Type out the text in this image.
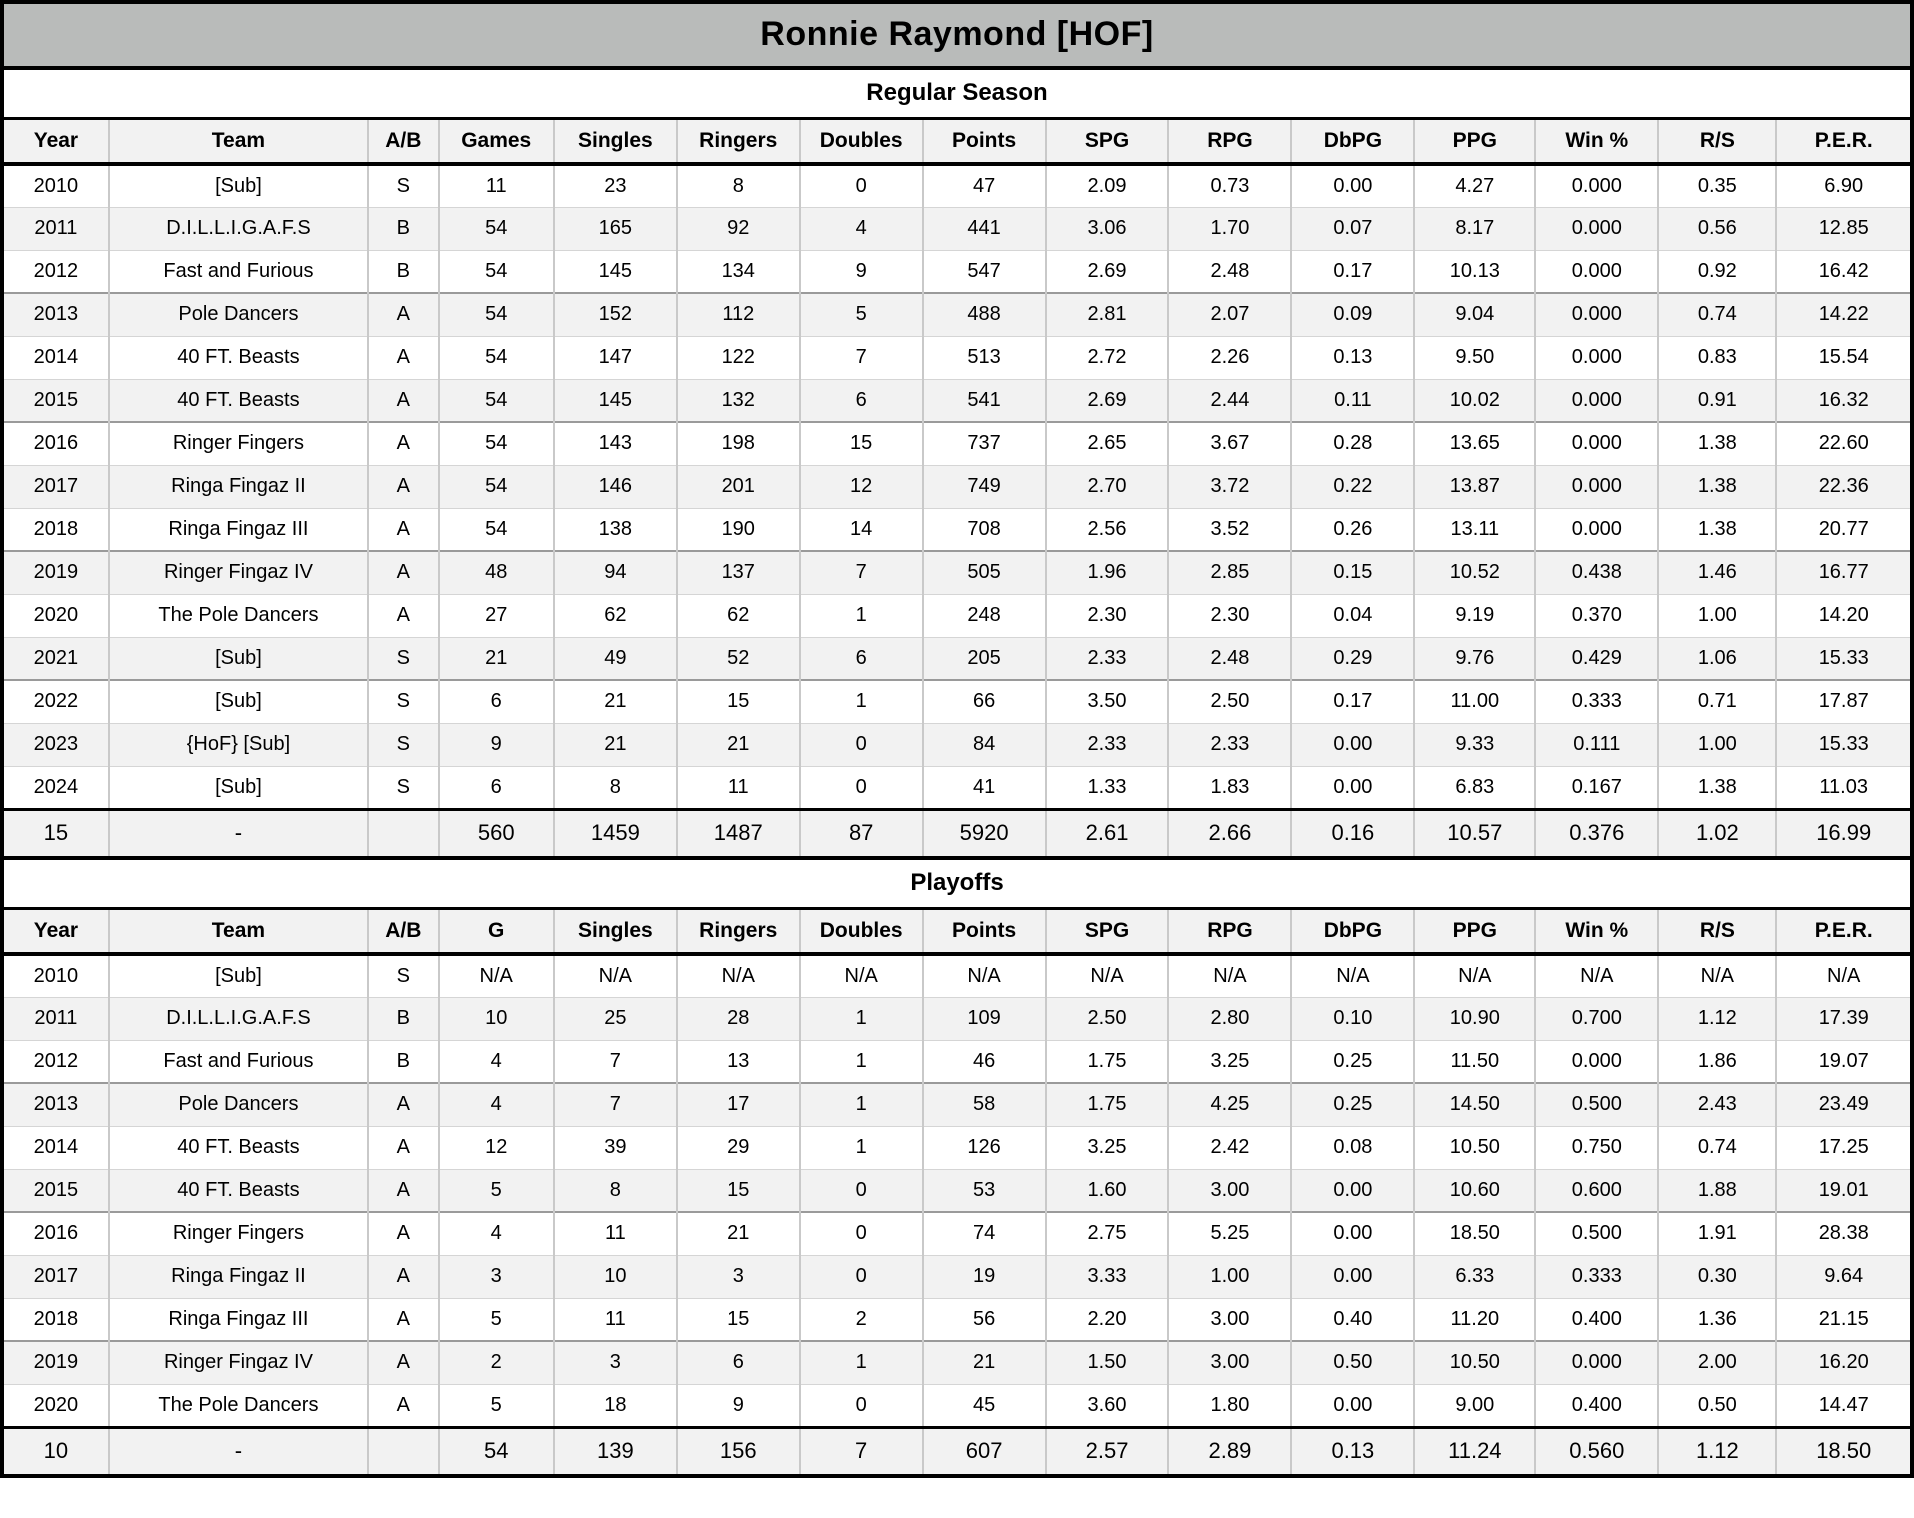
Ronnie Raymond [HOF]
Regular Season
Year	Team	A/B	Games	Singles	Ringers	Doubles	Points	SPG	RPG	DbPG	PPG	Win %	R/S	P.E.R.
2010	[Sub]	S	11	23	8	0	47	2.09	0.73	0.00	4.27	0.000	0.35	6.90
2011	D.I.L.L.I.G.A.F.S	B	54	165	92	4	441	3.06	1.70	0.07	8.17	0.000	0.56	12.85
2012	Fast and Furious	B	54	145	134	9	547	2.69	2.48	0.17	10.13	0.000	0.92	16.42
2013	Pole Dancers	A	54	152	112	5	488	2.81	2.07	0.09	9.04	0.000	0.74	14.22
2014	40 FT. Beasts	A	54	147	122	7	513	2.72	2.26	0.13	9.50	0.000	0.83	15.54
2015	40 FT. Beasts	A	54	145	132	6	541	2.69	2.44	0.11	10.02	0.000	0.91	16.32
2016	Ringer Fingers	A	54	143	198	15	737	2.65	3.67	0.28	13.65	0.000	1.38	22.60
2017	Ringa Fingaz II	A	54	146	201	12	749	2.70	3.72	0.22	13.87	0.000	1.38	22.36
2018	Ringa Fingaz III	A	54	138	190	14	708	2.56	3.52	0.26	13.11	0.000	1.38	20.77
2019	Ringer Fingaz IV	A	48	94	137	7	505	1.96	2.85	0.15	10.52	0.438	1.46	16.77
2020	The Pole Dancers	A	27	62	62	1	248	2.30	2.30	0.04	9.19	0.370	1.00	14.20
2021	[Sub]	S	21	49	52	6	205	2.33	2.48	0.29	9.76	0.429	1.06	15.33
2022	[Sub]	S	6	21	15	1	66	3.50	2.50	0.17	11.00	0.333	0.71	17.87
2023	{HoF} [Sub]	S	9	21	21	0	84	2.33	2.33	0.00	9.33	0.111	1.00	15.33
2024	[Sub]	S	6	8	11	0	41	1.33	1.83	0.00	6.83	0.167	1.38	11.03
15	-		560	1459	1487	87	5920	2.61	2.66	0.16	10.57	0.376	1.02	16.99
Playoffs
Year	Team	A/B	G	Singles	Ringers	Doubles	Points	SPG	RPG	DbPG	PPG	Win %	R/S	P.E.R.
2010	[Sub]	S	N/A	N/A	N/A	N/A	N/A	N/A	N/A	N/A	N/A	N/A	N/A	N/A
2011	D.I.L.L.I.G.A.F.S	B	10	25	28	1	109	2.50	2.80	0.10	10.90	0.700	1.12	17.39
2012	Fast and Furious	B	4	7	13	1	46	1.75	3.25	0.25	11.50	0.000	1.86	19.07
2013	Pole Dancers	A	4	7	17	1	58	1.75	4.25	0.25	14.50	0.500	2.43	23.49
2014	40 FT. Beasts	A	12	39	29	1	126	3.25	2.42	0.08	10.50	0.750	0.74	17.25
2015	40 FT. Beasts	A	5	8	15	0	53	1.60	3.00	0.00	10.60	0.600	1.88	19.01
2016	Ringer Fingers	A	4	11	21	0	74	2.75	5.25	0.00	18.50	0.500	1.91	28.38
2017	Ringa Fingaz II	A	3	10	3	0	19	3.33	1.00	0.00	6.33	0.333	0.30	9.64
2018	Ringa Fingaz III	A	5	11	15	2	56	2.20	3.00	0.40	11.20	0.400	1.36	21.15
2019	Ringer Fingaz IV	A	2	3	6	1	21	1.50	3.00	0.50	10.50	0.000	2.00	16.20
2020	The Pole Dancers	A	5	18	9	0	45	3.60	1.80	0.00	9.00	0.400	0.50	14.47
10	-		54	139	156	7	607	2.57	2.89	0.13	11.24	0.560	1.12	18.50
